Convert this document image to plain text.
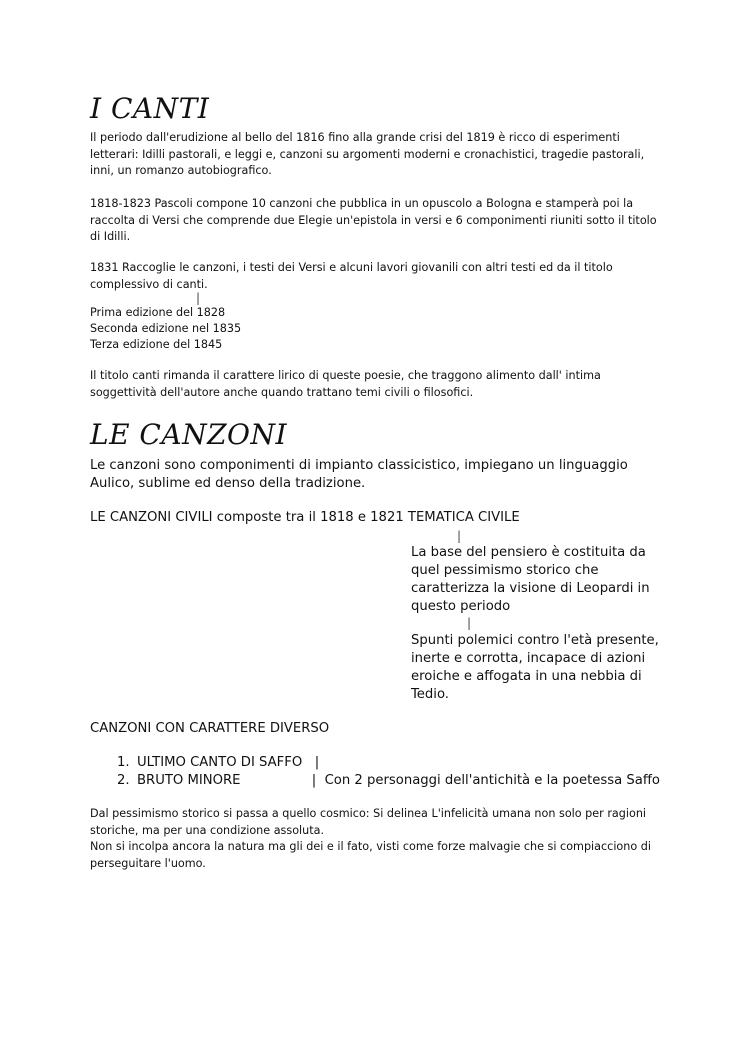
I CANTI

Il periodo dall'erudizione al bello del 1816 fino alla grande crisi del 1819 è ricco di esperimenti letterari: Idilli pastorali, e leggi e, canzoni su argomenti moderni e cronachistici, tragedie pastorali, inni, un romanzo autobiografico.

1818-1823 Pascoli compone 10 canzoni che pubblica in un opuscolo a Bologna e stamperà poi la raccolta di Versi che comprende due Elegie un'epistola in versi e 6 componimenti riuniti sotto il titolo di Idilli.

1831 Raccoglie le canzoni, i testi dei Versi e alcuni lavori giovanili con altri testi ed da il titolo complessivo di canti.

|

Prima edizione del 1828

Seconda edizione nel 1835

Terza edizione del 1845

Il titolo canti rimanda il carattere lirico di queste poesie, che traggono alimento dall' intima soggettività dell'autore anche quando trattano temi civili o filosofici.

LE CANZONI

Le canzoni sono componimenti di impianto classicistico, impiegano un linguaggio Aulico, sublime ed denso della tradizione.

LE CANZONI CIVILI composte tra il 1818 e 1821 TEMATICA CIVILE

|

La base del pensiero è costituita da quel pessimismo storico che caratterizza la visione di Leopardi in questo periodo

|

Spunti polemici contro l'età presente, inerte e corrotta, incapace di azioni eroiche e affogata in una nebbia di Tedio.

CANZONI CON CARATTERE DIVERSO

1. ULTIMO CANTO DI SAFFO   |
2. BRUTO MINORE                 |  Con 2 personaggi dell'antichità e la poetessa Saffo

Dal pessimismo storico si passa a quello cosmico: Si delinea L'infelicità umana non solo per ragioni storiche, ma per una condizione assoluta.

Non si incolpa ancora la natura ma gli dei e il fato, visti come forze malvagie che si compiacciono di perseguitare l'uomo.
